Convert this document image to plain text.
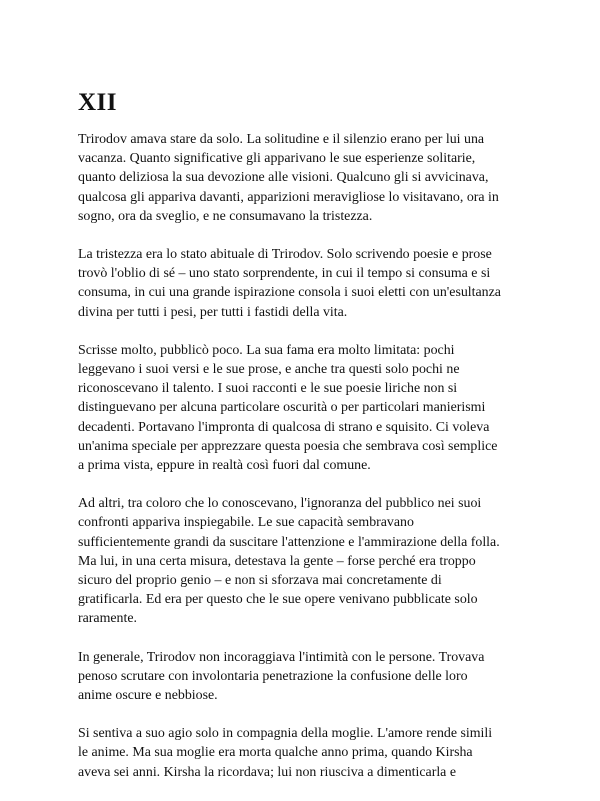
XII

Trirodov amava stare da solo. La solitudine e il silenzio erano per lui una
vacanza. Quanto significative gli apparivano le sue esperienze solitarie,
quanto deliziosa la sua devozione alle visioni. Qualcuno gli si avvicinava,
qualcosa gli appariva davanti, apparizioni meravigliose lo visitavano, ora in
sogno, ora da sveglio, e ne consumavano la tristezza.

La tristezza era lo stato abituale di Trirodov. Solo scrivendo poesie e prose
trovò l'oblio di sé – uno stato sorprendente, in cui il tempo si consuma e si
consuma, in cui una grande ispirazione consola i suoi eletti con un'esultanza
divina per tutti i pesi, per tutti i fastidi della vita.

Scrisse molto, pubblicò poco. La sua fama era molto limitata: pochi
leggevano i suoi versi e le sue prose, e anche tra questi solo pochi ne
riconoscevano il talento. I suoi racconti e le sue poesie liriche non si
distinguevano per alcuna particolare oscurità o per particolari manierismi
decadenti. Portavano l'impronta di qualcosa di strano e squisito. Ci voleva
un'anima speciale per apprezzare questa poesia che sembrava così semplice
a prima vista, eppure in realtà così fuori dal comune.

Ad altri, tra coloro che lo conoscevano, l'ignoranza del pubblico nei suoi
confronti appariva inspiegabile. Le sue capacità sembravano
sufficientemente grandi da suscitare l'attenzione e l'ammirazione della folla.
Ma lui, in una certa misura, detestava la gente – forse perché era troppo
sicuro del proprio genio – e non si sforzava mai concretamente di
gratificarla. Ed era per questo che le sue opere venivano pubblicate solo
raramente.

In generale, Trirodov non incoraggiava l'intimità con le persone. Trovava
penoso scrutare con involontaria penetrazione la confusione delle loro
anime oscure e nebbiose.

Si sentiva a suo agio solo in compagnia della moglie. L'amore rende simili
le anime. Ma sua moglie era morta qualche anno prima, quando Kirsha
aveva sei anni. Kirsha la ricordava; lui non riusciva a dimenticarla e
